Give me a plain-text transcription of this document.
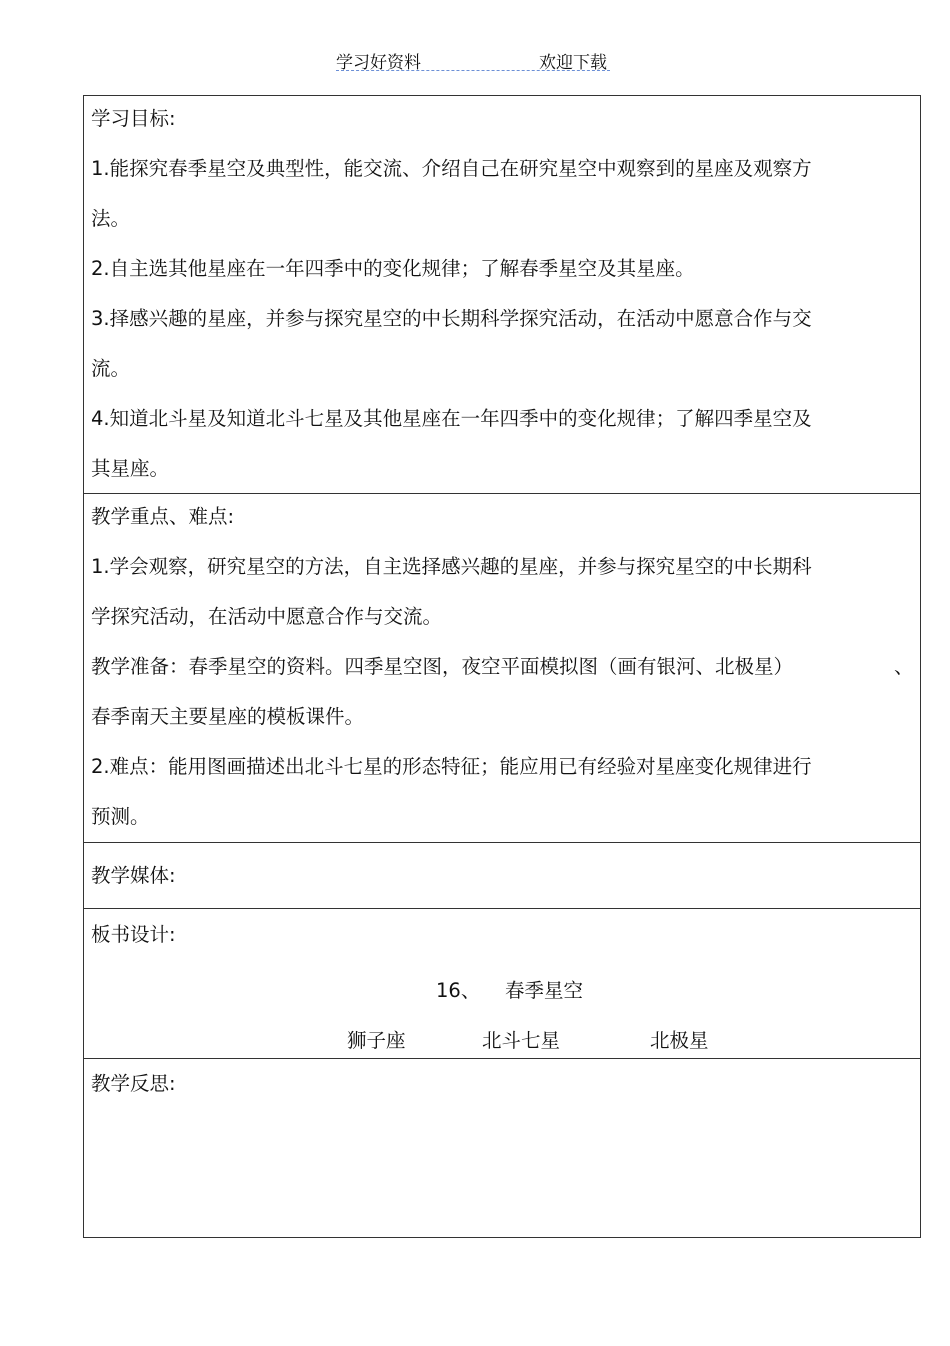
学习好资料	欢迎下载
学习目标:
1.能探究春季星空及典型性，能交流、介绍自己在研究星空中观察到的星座及观察方
法。
2.自主选其他星座在一年四季中的变化规律；了解春季星空及其星座。
3.择感兴趣的星座，并参与探究星空的中长期科学探究活动，在活动中愿意合作与交
流。
4.知道北斗星及知道北斗七星及其他星座在一年四季中的变化规律；了解四季星空及
其星座。
教学重点、难点:
1.学会观察，研究星空的方法，自主选择感兴趣的星座，并参与探究星空的中长期科
学探究活动，在活动中愿意合作与交流。
教学准备：春季星空的资料。四季星空图，夜空平面模拟图（画有银河、北极星）	、
春季南天主要星座的模板课件。
2.难点：能用图画描述出北斗七星的形态特征；能应用已有经验对星座变化规律进行
预测。
教学媒体:
板书设计:
16、 春季星空
狮子座	北斗七星	北极星
教学反思:
